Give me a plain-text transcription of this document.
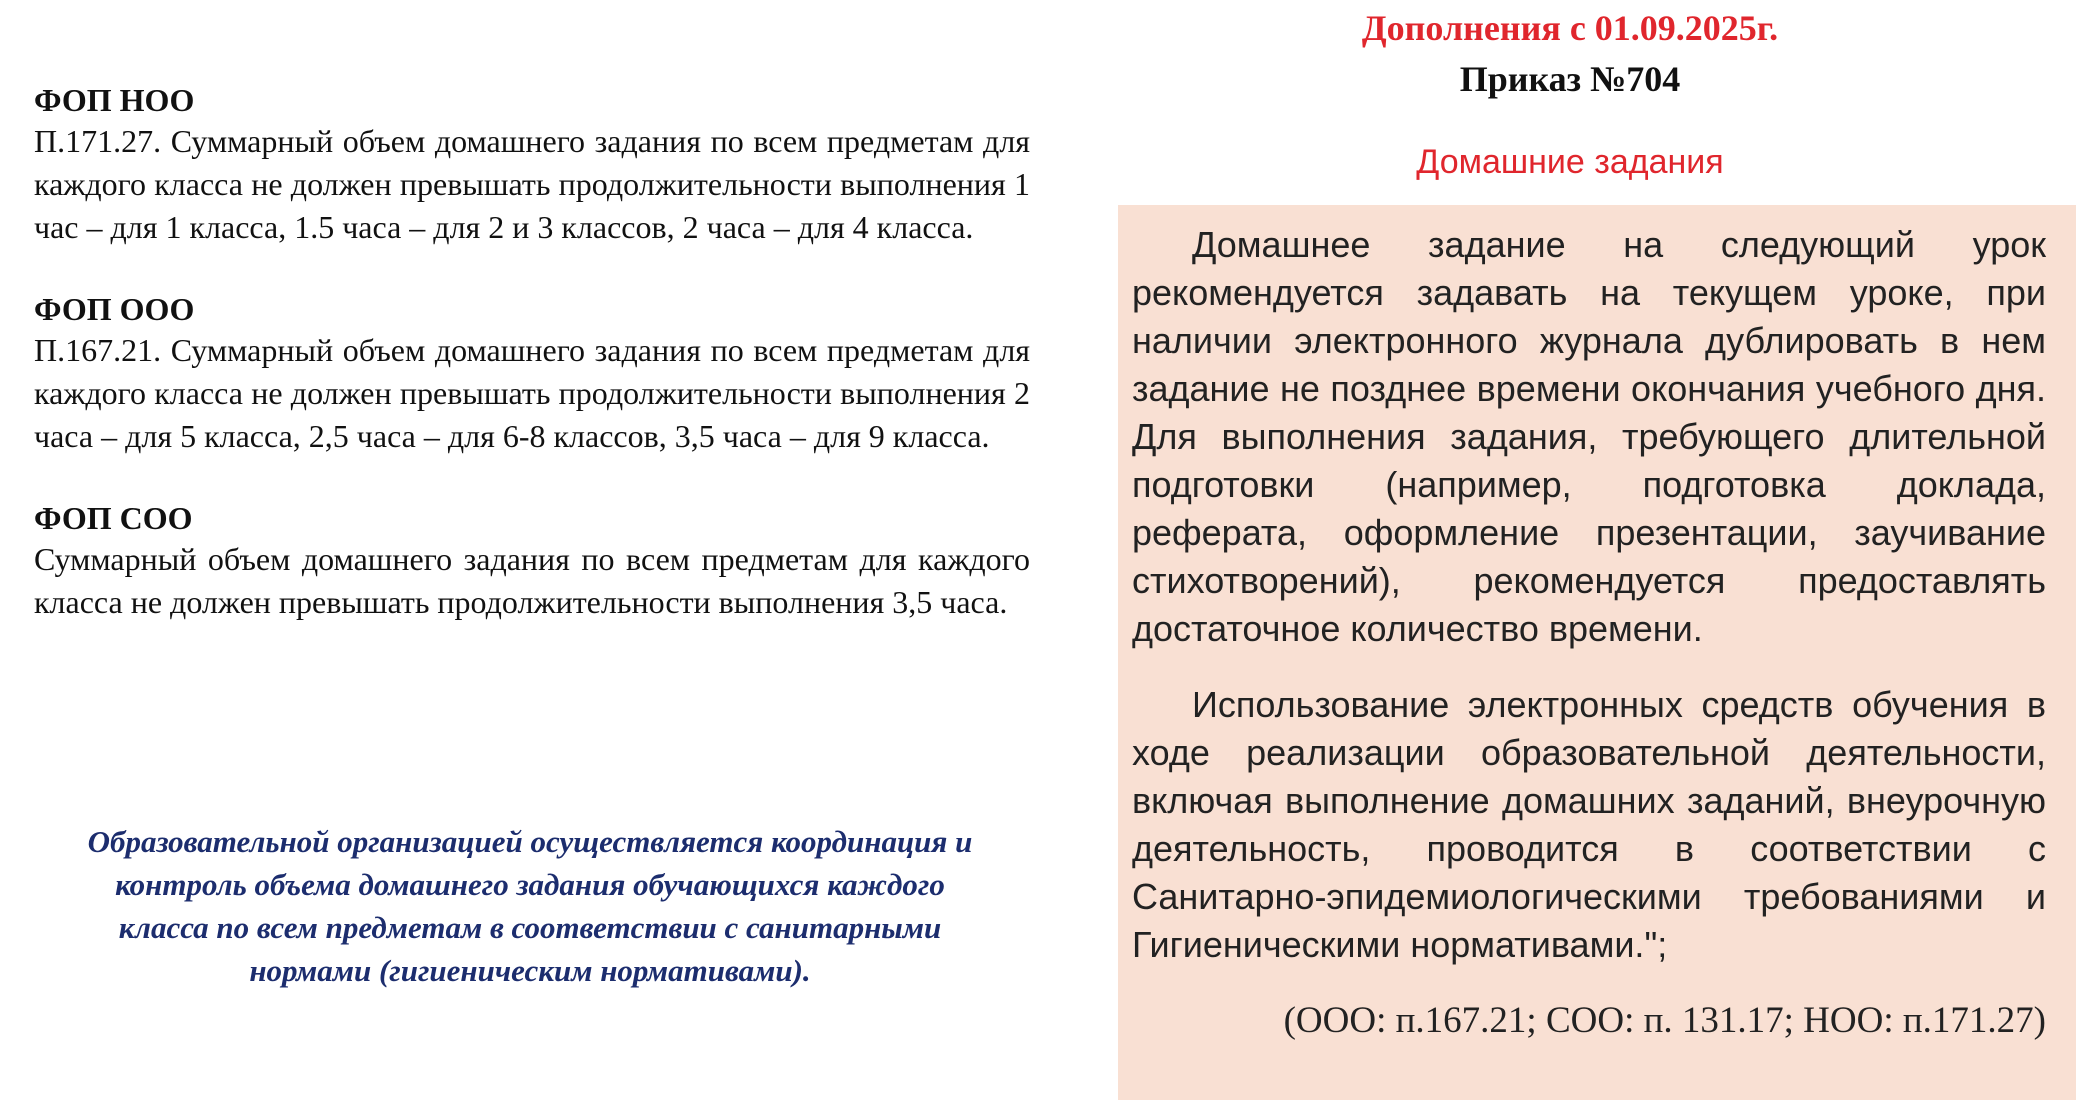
ФОП НОО

П.171.27. Суммарный объем домашнего задания по всем предметам для каждого класса не должен превышать продолжительности выполнения 1 час – для 1 класса, 1.5 часа – для 2 и 3 классов, 2 часа – для 4 класса.

ФОП ООО

П.167.21. Суммарный объем домашнего задания по всем предметам для каждого класса не должен превышать продолжительности выполнения 2 часа – для 5 класса, 2,5 часа – для 6-8 классов, 3,5 часа – для 9 класса.

ФОП СОО

Суммарный объем домашнего задания по всем предметам для каждого класса не должен превышать продолжительности выполнения 3,5 часа.

Образовательной организацией осуществляется координация и контроль объема домашнего задания обучающихся каждого класса по всем предметам в соответствии с санитарными нормами (гигиеническим нормативами).
Дополнения с 01.09.2025г.
Приказ №704
Домашние задания

Домашнее задание на следующий урок рекомендуется задавать на текущем уроке, при наличии электронного журнала дублировать в нем задание не позднее времени окончания учебного дня. Для выполнения задания, требующего длительной подготовки (например, подготовка доклада, реферата, оформление презентации, заучивание стихотворений), рекомендуется предоставлять достаточное количество времени.

Использование электронных средств обучения в ходе реализации образовательной деятельности, включая выполнение домашних заданий, внеурочную деятельность, проводится в соответствии с Санитарно-эпидемиологическими требованиями и Гигиеническими нормативами.";

(ООО: п.167.21; СОО: п. 131.17; НОО: п.171.27)
